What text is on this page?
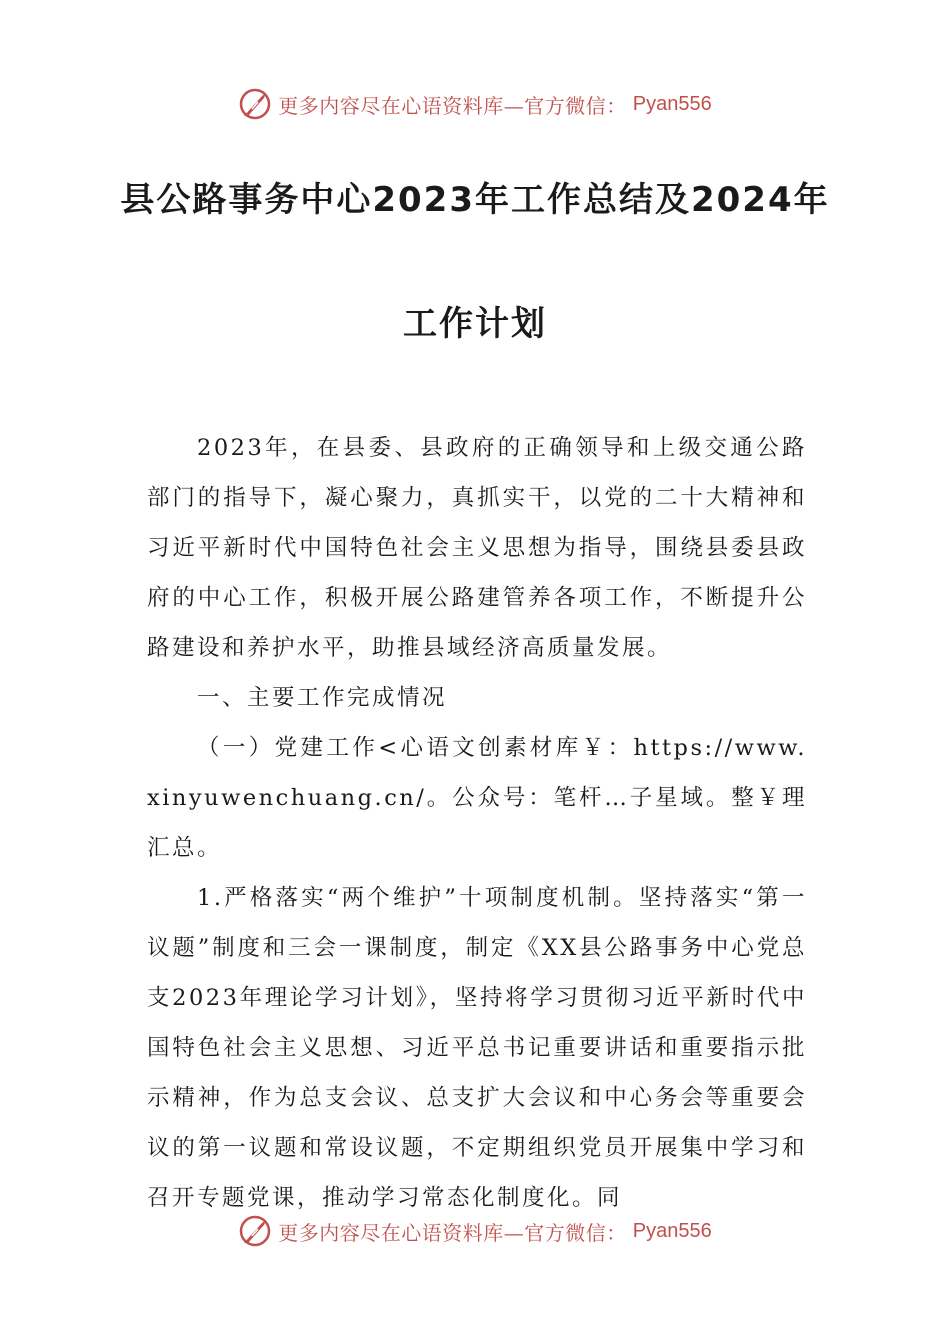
更多内容尽在心语资料库—官方微信： Pyan556
县公路事务中心2023年工作总结及2024年
工作计划

2023年，在县委、县政府的正确领导和上级交通公路部门的指导下，凝心聚力，真抓实干，以党的二十大精神和习近平新时代中国特色社会主义思想为指导，围绕县委县政府的中心工作，积极开展公路建管养各项工作，不断提升公路建设和养护水平，助推县域经济高质量发展。

一、主要工作完成情况

（一）党建工作<心语文创素材库￥：https://www.xinyuwenchuang.cn/。公众号：笔杆…子星域。整￥理汇总。

1.严格落实“两个维护”十项制度机制。坚持落实“第一议题”制度和三会一课制度，制定《XX县公路事务中心党总支2023年理论学习计划》，坚持将学习贯彻习近平新时代中国特色社会主义思想、习近平总书记重要讲话和重要指示批示精神，作为总支会议、总支扩大会议和中心务会等重要会议的第一议题和常设议题，不定期组织党员开展集中学习和召开专题党课，推动学习常态化制度化。同

更多内容尽在心语资料库—官方微信： Pyan556
